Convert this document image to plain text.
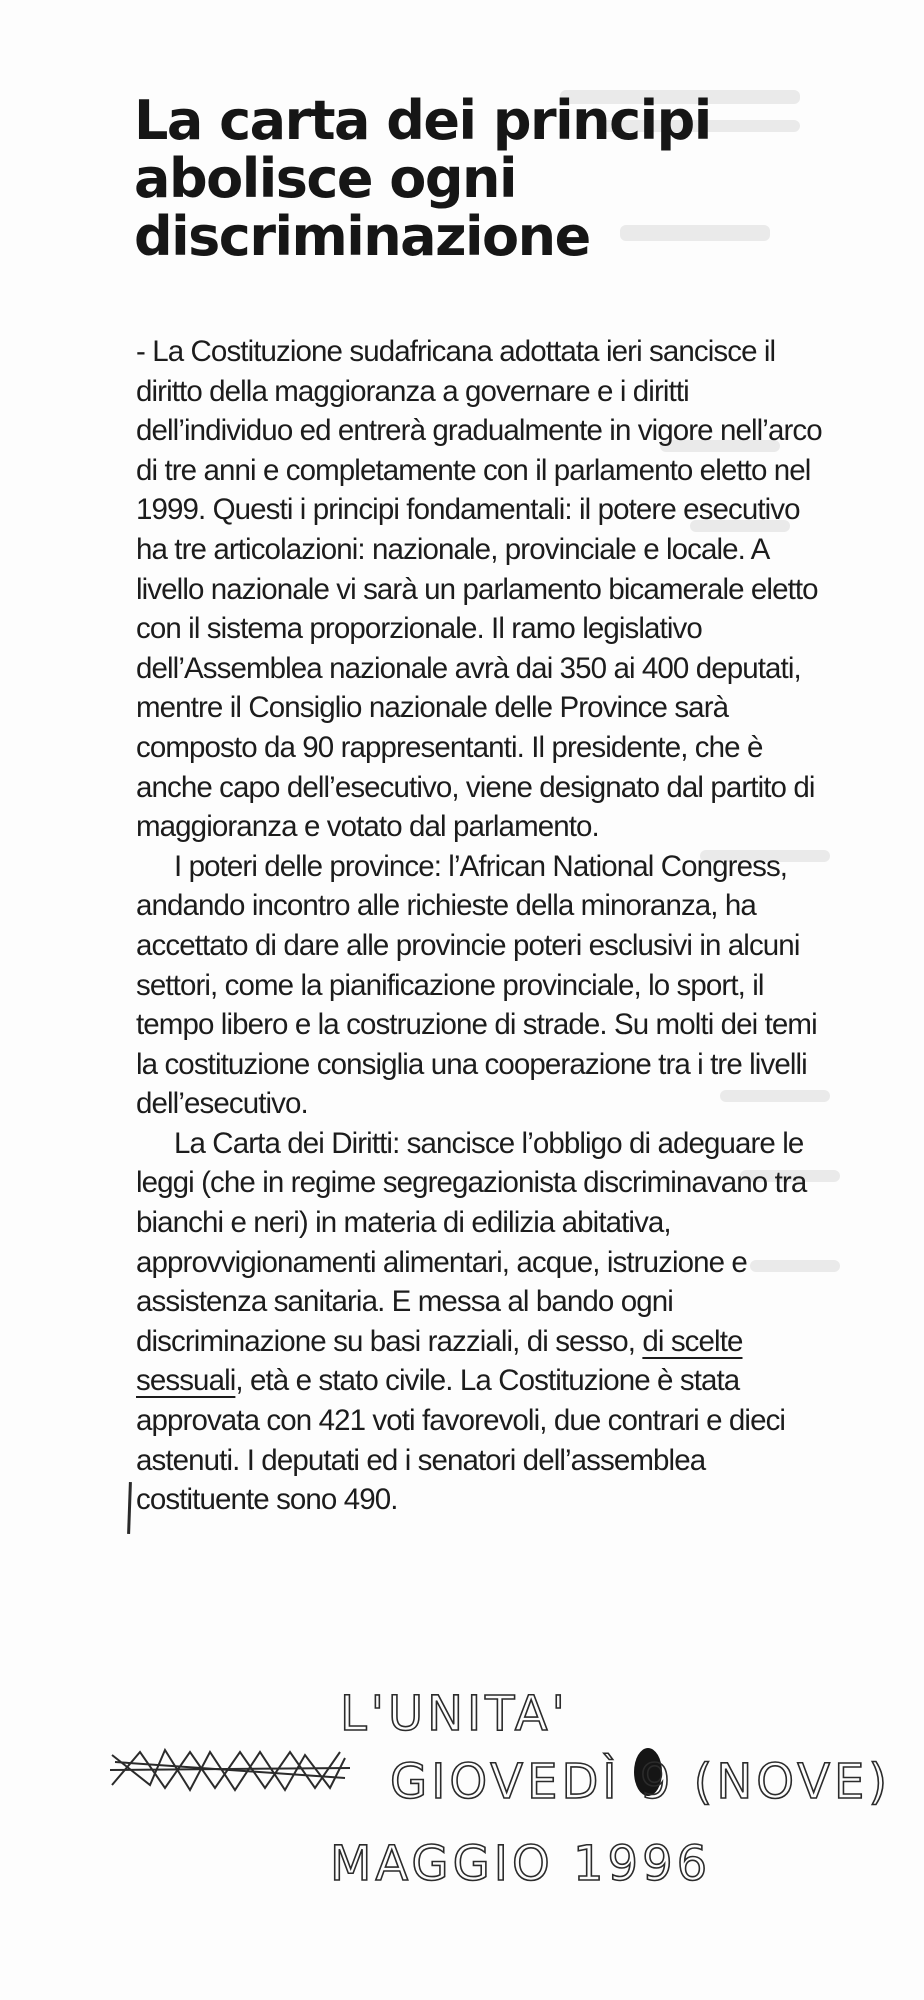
La carta dei principi
abolisce ogni
discriminazione

- La Costituzione sudafricana adottata ieri sancisce il diritto della maggioranza a governare e i diritti dell’individuo ed entrerà gradualmente in vigore nell’arco di tre anni e completamente con il parlamento eletto nel 1999. Questi i principi fondamentali: il potere esecutivo ha tre articolazioni: nazionale, provinciale e locale. A livello nazionale vi sarà un parlamento bicamerale eletto con il sistema proporzionale. Il ramo legislativo dell’Assemblea nazionale avrà dai 350 ai 400 deputati, mentre il Consiglio nazionale delle Province sarà composto da 90 rappresentanti. Il presidente, che è anche capo dell’esecutivo, viene designato dal partito di maggioranza e votato dal parlamento.

I poteri delle province: l’African National Congress, andando incontro alle richieste della minoranza, ha accettato di dare alle provincie poteri esclusivi in alcuni settori, come la pianificazione provinciale, lo sport, il tempo libero e la costruzione di strade. Su molti dei temi la costituzione consiglia una cooperazione tra i tre livelli dell’esecutivo.

La Carta dei Diritti: sancisce l’obbligo di adeguare le leggi (che in regime segregazionista discriminavano tra bianchi e neri) in materia di edilizia abitativa, approvvigionamenti alimentari, acque, istruzione e assistenza sanitaria. E messa al bando ogni discriminazione su basi razziali, di sesso, di scelte sessuali, età e stato civile. La Costituzione è stata approvata con 421 voti favorevoli, due contrari e dieci astenuti. I deputati ed i senatori dell’assemblea costituente sono 490.

L'UNITA'
GIOVEDÌ 9 (NOVE)
MAGGIO 1996
